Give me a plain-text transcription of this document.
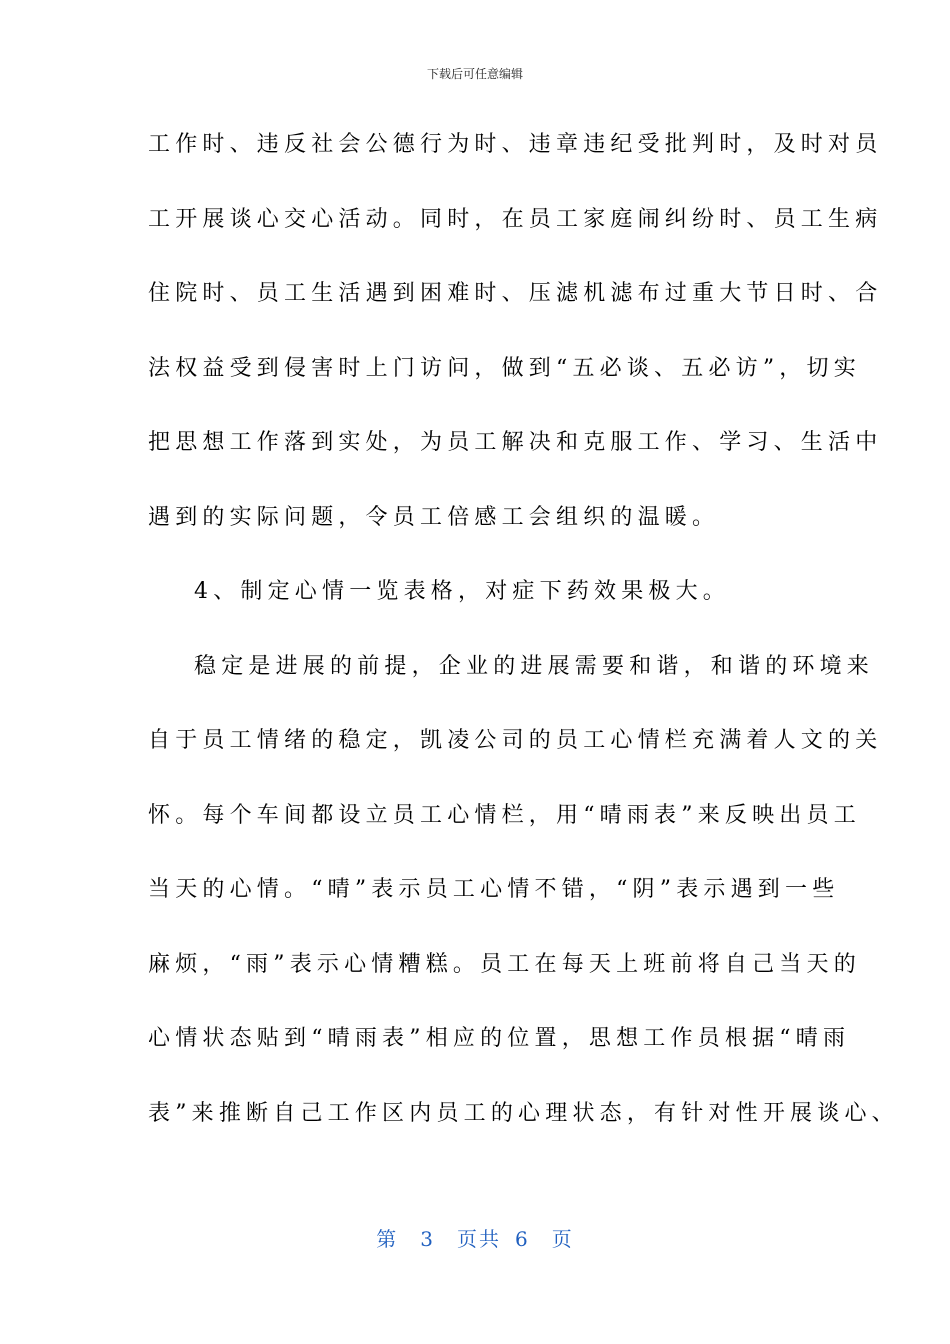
下载后可任意编辑
工作时、违反社会公德行为时、违章违纪受批判时，及时对员
工开展谈心交心活动。同时，在员工家庭闹纠纷时、员工生病
住院时、员工生活遇到困难时、压滤机滤布过重大节日时、合
法权益受到侵害时上门访问，做到“五必谈、五必访”，切实
把思想工作落到实处，为员工解决和克服工作、学习、生活中
遇到的实际问题，令员工倍感工会组织的温暖。
4、制定心情一览表格，对症下药效果极大。
稳定是进展的前提，企业的进展需要和谐，和谐的环境来
自于员工情绪的稳定，凯凌公司的员工心情栏充满着人文的关
怀。每个车间都设立员工心情栏，用“晴雨表”来反映出员工
当天的心情。“晴”表示员工心情不错，“阴”表示遇到一些
麻烦，“雨”表示心情糟糕。员工在每天上班前将自己当天的
心情状态贴到“晴雨表”相应的位置，思想工作员根据“晴雨
表”来推断自己工作区内员工的心理状态，有针对性开展谈心、
第 3 页共 6 页
